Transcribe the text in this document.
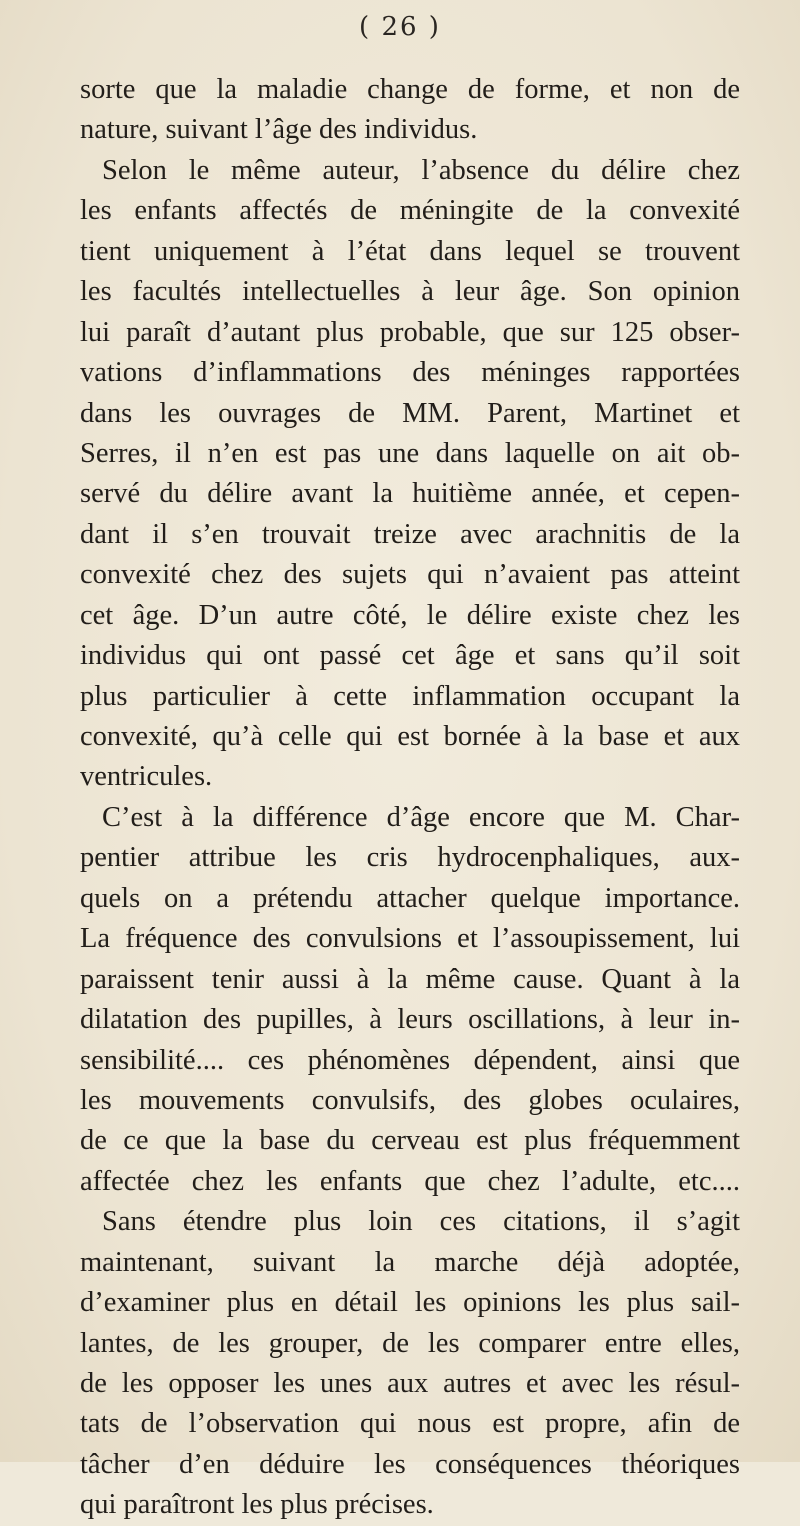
( 26 )
sorte que la maladie change de forme, et non de
nature, suivant l’âge des individus.
Selon le même auteur, l’absence du délire chez
les enfants affectés de méningite de la convexité
tient uniquement à l’état dans lequel se trouvent
les facultés intellectuelles à leur âge. Son opinion
lui paraît d’autant plus probable, que sur 125 obser-
vations d’inflammations des méninges rapportées
dans les ouvrages de MM. Parent, Martinet et
Serres, il n’en est pas une dans laquelle on ait ob-
servé du délire avant la huitième année, et cepen-
dant il s’en trouvait treize avec arachnitis de la
convexité chez des sujets qui n’avaient pas atteint
cet âge. D’un autre côté, le délire existe chez les
individus qui ont passé cet âge et sans qu’il soit
plus particulier à cette inflammation occupant la
convexité, qu’à celle qui est bornée à la base et aux
ventricules.
C’est à la différence d’âge encore que M. Char-
pentier attribue les cris hydrocenphaliques, aux-
quels on a prétendu attacher quelque importance.
La fréquence des convulsions et l’assoupissement, lui
paraissent tenir aussi à la même cause. Quant à la
dilatation des pupilles, à leurs oscillations, à leur in-
sensibilité.... ces phénomènes dépendent, ainsi que
les mouvements convulsifs, des globes oculaires,
de ce que la base du cerveau est plus fréquemment
affectée chez les enfants que chez l’adulte, etc....
Sans étendre plus loin ces citations, il s’agit
maintenant, suivant la marche déjà adoptée,
d’examiner plus en détail les opinions les plus sail-
lantes, de les grouper, de les comparer entre elles,
de les opposer les unes aux autres et avec les résul-
tats de l’observation qui nous est propre, afin de
tâcher d’en déduire les conséquences théoriques
qui paraîtront les plus précises.
